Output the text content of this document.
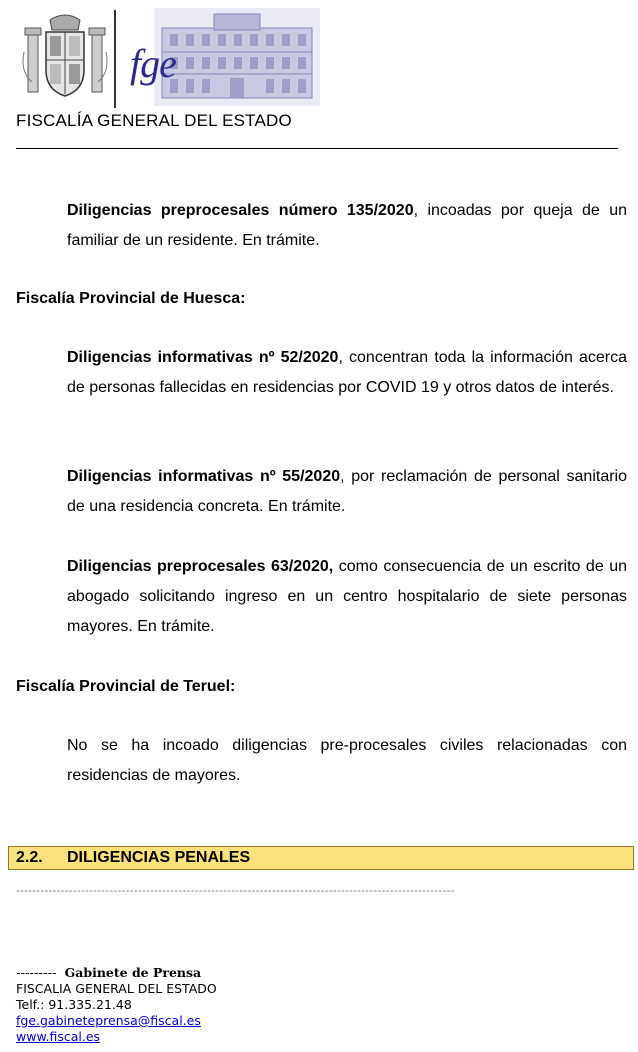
fge
FISCALÍA GENERAL DEL ESTADO

Diligencias preprocesales número 135/2020, incoadas por queja de un familiar de un residente. En trámite.

Fiscalía Provincial de Huesca:

Diligencias informativas nº 52/2020, concentran toda la información acerca de personas fallecidas en residencias por COVID 19 y otros datos de interés.

Diligencias informativas nº 55/2020, por reclamación de personal sanitario de una residencia concreta. En trámite.

Diligencias preprocesales 63/2020, como consecuencia de un escrito de un abogado solicitando ingreso en un centro hospitalario de siete personas mayores. En trámite.

Fiscalía Provincial de Teruel:

No se ha incoado diligencias pre-procesales civiles relacionadas con residencias de mayores.

2.2. DILIGENCIAS PENALES
------------------------------------------------------------------------------------------------------------
--------- Gabinete de Prensa
FISCALIA GENERAL DEL ESTADO
Telf.: 91.335.21.48
fge.gabineteprensa@fiscal.es
www.fiscal.es
